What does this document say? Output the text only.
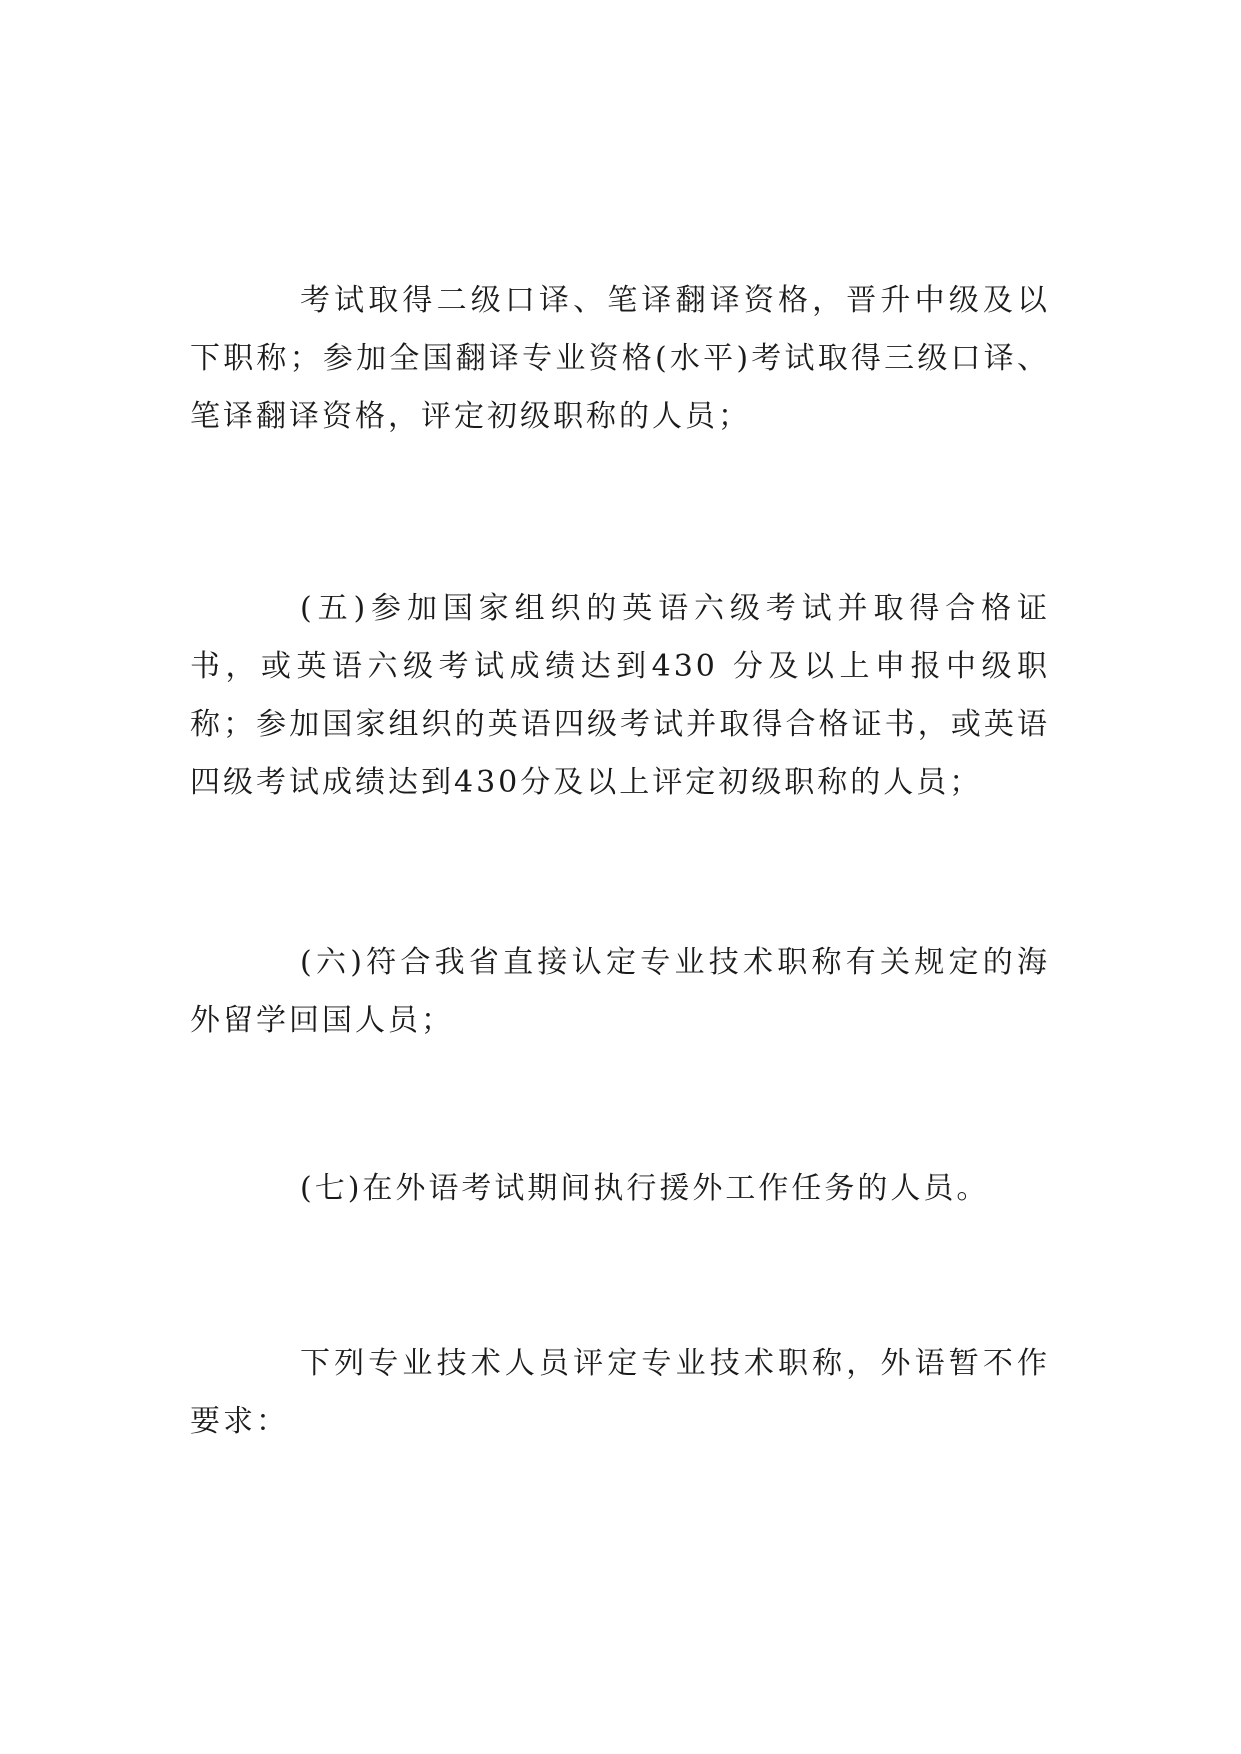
考试取得二级口译、笔译翻译资格，晋升中级及以下职称；参加全国翻译专业资格(水平)考试取得三级口译、笔译翻译资格，评定初级职称的人员；

(五)参加国家组织的英语六级考试并取得合格证书，或英语六级考试成绩达到430 分及以上申报中级职称；参加国家组织的英语四级考试并取得合格证书，或英语四级考试成绩达到430分及以上评定初级职称的人员；

(六)符合我省直接认定专业技术职称有关规定的海外留学回国人员；

(七)在外语考试期间执行援外工作任务的人员。

下列专业技术人员评定专业技术职称，外语暂不作要求：
